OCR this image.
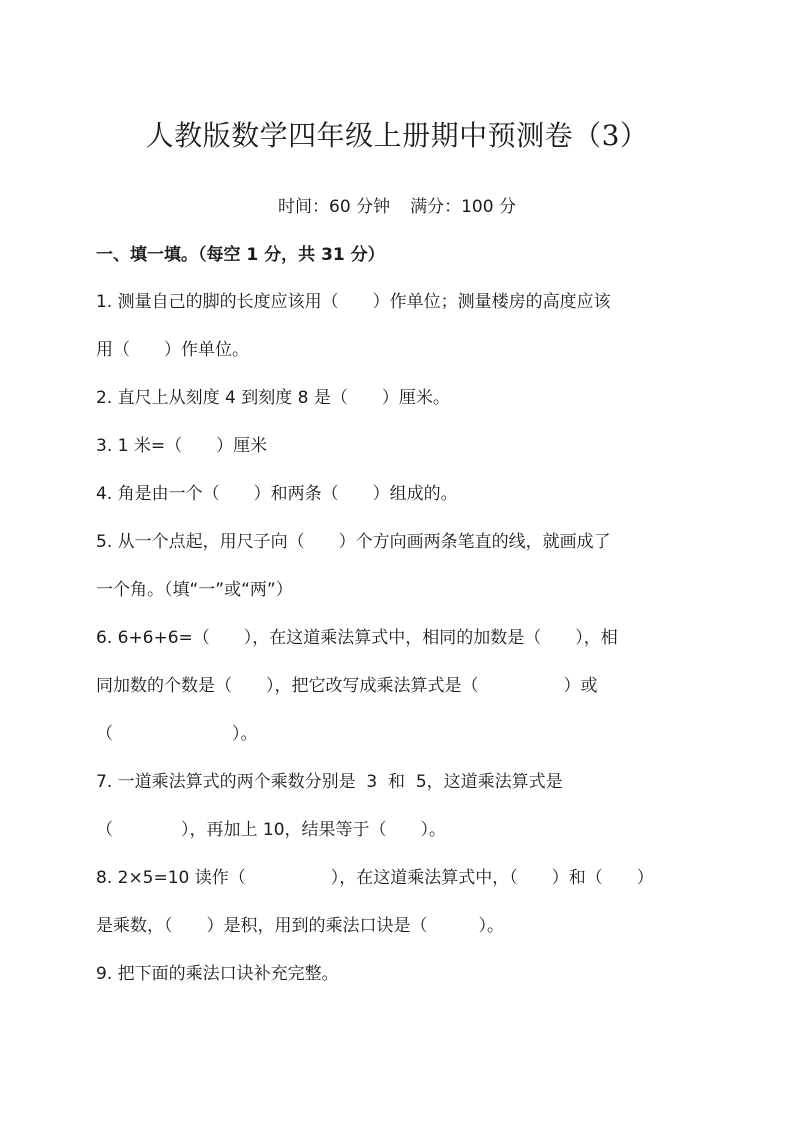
人教版数学四年级上册期中预测卷（3）
时间：60 分钟 满分：100 分
一、填一填。（每空 1 分，共 31 分）
1. 测量自己的脚的长度应该用（　　）作单位；测量楼房的高度应该
用（　　）作单位。
2. 直尺上从刻度 4 到刻度 8 是（　　）厘米。
3. 1 米=（　　）厘米
4. 角是由一个（　　）和两条（　　）组成的。
5. 从一个点起，用尺子向（　　）个方向画两条笔直的线，就画成了
一个角。（填“一”或“两”）
6. 6+6+6=（　　），在这道乘法算式中，相同的加数是（　　），相
同加数的个数是（　　），把它改写成乘法算式是（　　　　　）或
（　　　　　　　）。
7. 一道乘法算式的两个乘数分别是  3  和  5，这道乘法算式是
（　　　　），再加上 10，结果等于（　　）。
8. 2×5=10 读作（　　　　　），在这道乘法算式中，（　　）和（　　）
是乘数，（　　）是积，用到的乘法口诀是（　　　）。
9. 把下面的乘法口诀补充完整。
